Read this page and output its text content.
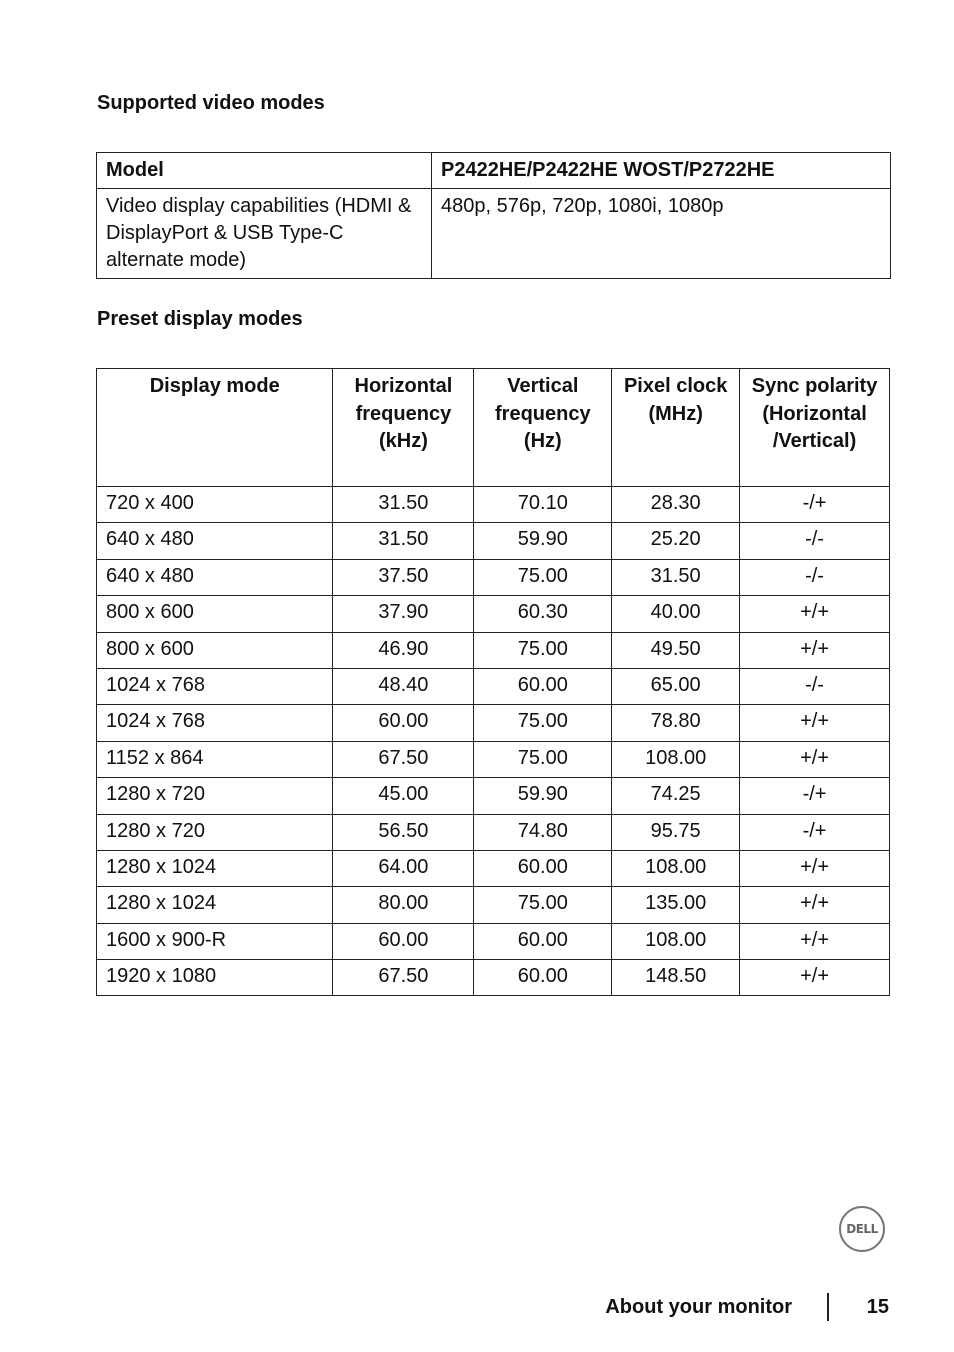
Supported video modes
Model	P2422HE/P2422HE WOST/P2722HE
Video display capabilities (HDMI & DisplayPort & USB Type-C alternate mode)	480p, 576p, 720p, 1080i, 1080p
Preset display modes
Display mode	Horizontal frequency (kHz)	Vertical frequency (Hz)	Pixel clock (MHz)	Sync polarity (Horizontal /Vertical)
720 x 400	31.50	70.10	28.30	-/+
640 x 480	31.50	59.90	25.20	-/-
640 x 480	37.50	75.00	31.50	-/-
800 x 600	37.90	60.30	40.00	+/+
800 x 600	46.90	75.00	49.50	+/+
1024 x 768	48.40	60.00	65.00	-/-
1024 x 768	60.00	75.00	78.80	+/+
1152 x 864	67.50	75.00	108.00	+/+
1280 x 720	45.00	59.90	74.25	-/+
1280 x 720	56.50	74.80	95.75	-/+
1280 x 1024	64.00	60.00	108.00	+/+
1280 x 1024	80.00	75.00	135.00	+/+
1600 x 900-R	60.00	60.00	108.00	+/+
1920 x 1080	67.50	60.00	148.50	+/+
DELL
About your monitor	15
